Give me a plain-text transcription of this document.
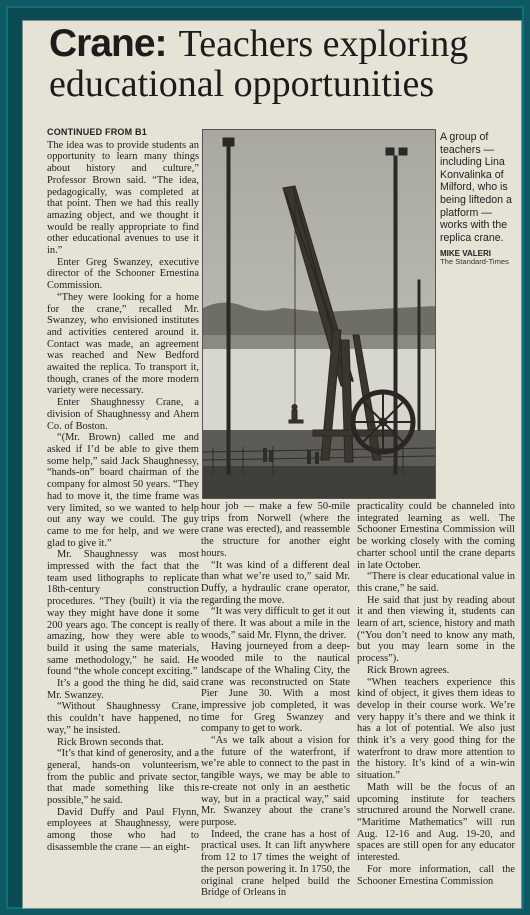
Crane: Teachers exploring
educational opportunities

CONTINUED FROM B1

The idea was to provide students an opportunity to learn many things about history and culture,” Professor Brown said. “The idea, pedagogically, was completed at that point. Then we had this really amazing object, and we thought it would be really appropriate to find other educational avenues to use it in.”

Enter Greg Swanzey, executive director of the Schooner Ernestina Commission.

“They were looking for a home for the crane,” recalled Mr. Swanzey, who envisioned institutes and activities centered around it. Contact was made, an agreement was reached and New Bedford awaited the replica. To transport it, though, cranes of the more modern variety were necessary.

Enter Shaughnessy Crane, a division of Shaughnessy and Ahern Co. of Boston.

“(Mr. Brown) called me and asked if I’d be able to give them some help,” said Jack Shaughnessy, “hands-on” board chairman of the company for almost 50 years. “They had to move it, the time frame was very limited, so we wanted to help out any way we could. The guy came to me for help, and we were glad to give it.”

Mr. Shaughnessy was most impressed with the fact that the team used lithographs to replicate 18th-century construction procedures. “They (built) it via the way they might have done it some 200 years ago. The concept is really amazing, how they were able to build it using the same materials, same methodology,” he said. He found “the whole concept exciting.”

It’s a good the thing he did, said Mr. Swanzey.

“Without Shaughnessy Crane, this couldn’t have happened, no way,” he insisted.

Rick Brown seconds that.

“It’s that kind of generosity, and a general, hands-on volunteerism, from the public and private sector, that made something like this possible,” he said.

David Duffy and Paul Flynn, employees at Shaughnessy, were among those who had to disassemble the crane — an eight-

A group of teachers — including Lina Konvalinka of Milford, who is being liftedon a platform — works with the replica crane.
MIKE VALERI
The Standard-Times

hour job — make a few 50-mile trips from Norwell (where the crane was erected), and reassemble the structure for another eight hours.

“It was kind of a different deal than what we’re used to,” said Mr. Duffy, a hydraulic crane operator, regarding the move.

“It was very difficult to get it out of there. It was about a mile in the woods,” said Mr. Flynn, the driver.

Having journeyed from a deep-wooded mile to the nautical landscape of the Whaling City, the crane was reconstructed on State Pier June 30. With a most impressive job completed, it was time for Greg Swanzey and company to get to work.

“As we talk about a vision for the future of the waterfront, if we’re able to connect to the past in tangible ways, we may be able to re-create not only in an aesthetic way, but in a practical way,” said Mr. Swanzey about the crane’s purpose.

Indeed, the crane has a host of practical uses. It can lift anywhere from 12 to 17 times the weight of the person powering it. In 1750, the original crane helped build the Bridge of Orleans in

practicality could be channeled into integrated learning as well. The Schooner Ernestina Commission will be working closely with the coming charter school until the crane departs in late October.

“There is clear educational value in this crane,” he said.

He said that just by reading about it and then viewing it, students can learn of art, science, history and math (“You don’t need to know any math, but you may learn some in the process”).

Rick Brown agrees.

“When teachers experience this kind of object, it gives them ideas to develop in their course work. We’re very happy it’s there and we think it has a lot of potential. We also just think it’s a very good thing for the waterfront to draw more attention to the history. It’s kind of a win-win situation.”

Math will be the focus of an upcoming institute for teachers structured around the Norwell crane. “Maritime Mathematics” will run Aug. 12-16 and Aug. 19-20, and spaces are still open for any educator interested.

For more information, call the Schooner Ernestina Commission
